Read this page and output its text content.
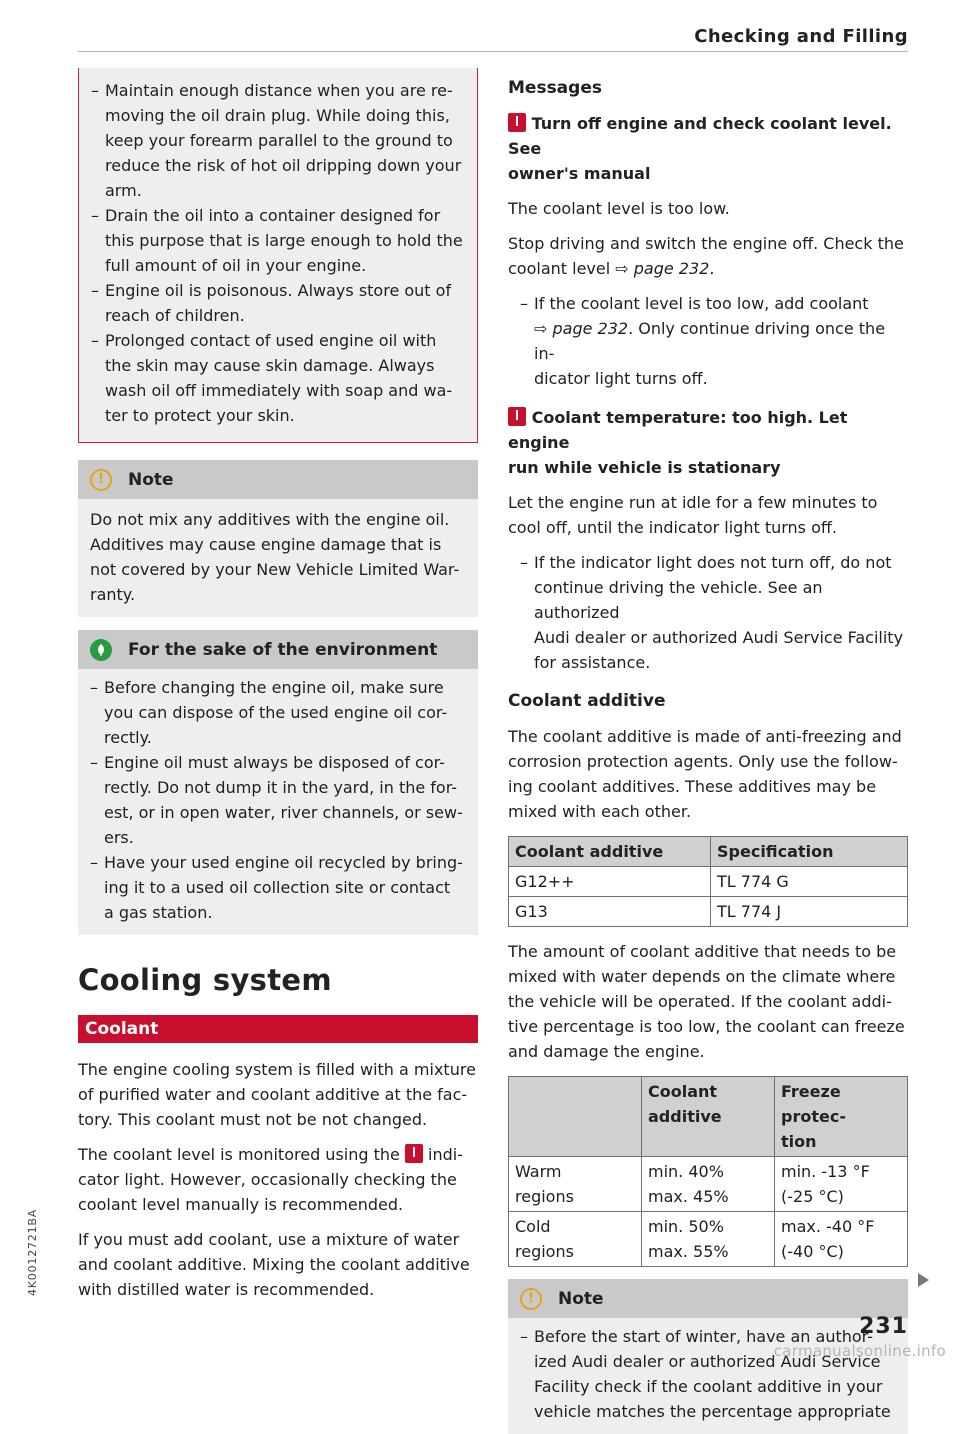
Checking and Filling
– Maintain enough distance when you are re-
moving the oil drain plug. While doing this,
keep your forearm parallel to the ground to
reduce the risk of hot oil dripping down your
arm.
– Drain the oil into a container designed for
this purpose that is large enough to hold the
full amount of oil in your engine.
– Engine oil is poisonous. Always store out of
reach of children.
– Prolonged contact of used engine oil with
the skin may cause skin damage. Always
wash oil off immediately with soap and wa-
ter to protect your skin.
!	Note

Do not mix any additives with the engine oil.
Additives may cause engine damage that is
not covered by your New Vehicle Limited War-
ranty.

For the sake of the environment
– Before changing the engine oil, make sure
you can dispose of the used engine oil cor-
rectly.
– Engine oil must always be disposed of cor-
rectly. Do not dump it in the yard, in the for-
est, or in open water, river channels, or sew-
ers.
– Have your used engine oil recycled by bring-
ing it to a used oil collection site or contact
a gas station.
Cooling system
Coolant

The engine cooling system is filled with a mixture
of purified water and coolant additive at the fac-
tory. This coolant must not be not changed.

The coolant level is monitored using the  indi-
cator light. However, occasionally checking the
coolant level manually is recommended.

If you must add coolant, use a mixture of water
and coolant additive. Mixing the coolant additive
with distilled water is recommended.

Messages
Turn off engine and check coolant level. See
owner's manual

The coolant level is too low.

Stop driving and switch the engine off. Check the
coolant level ⇨ page 232.

– If the coolant level is too low, add coolant
⇨ page 232. Only continue driving once the in-
dicator light turns off.
Coolant temperature: too high. Let engine
run while vehicle is stationary

Let the engine run at idle for a few minutes to
cool off, until the indicator light turns off.

– If the indicator light does not turn off, do not
continue driving the vehicle. See an authorized
Audi dealer or authorized Audi Service Facility
for assistance.
Coolant additive

The coolant additive is made of anti-freezing and
corrosion protection agents. Only use the follow-
ing coolant additives. These additives may be
mixed with each other.

Coolant additive	Specification
G12++	TL 774 G
G13	TL 774 J

The amount of coolant additive that needs to be
mixed with water depends on the climate where
the vehicle will be operated. If the coolant addi-
tive percentage is too low, the coolant can freeze
and damage the engine.

	Coolant
additive	Freeze protec-
tion
Warm
regions	min. 40%
max. 45%	min. -13 °F
(-25 °C)
Cold
regions	min. 50%
max. 55%	max. -40 °F
(-40 °C)
!	Note
– Before the start of winter, have an author-
ized Audi dealer or authorized Audi Service
Facility check if the coolant additive in your
vehicle matches the percentage appropriate
231
4K0012721BA
carmanualsonline.info
